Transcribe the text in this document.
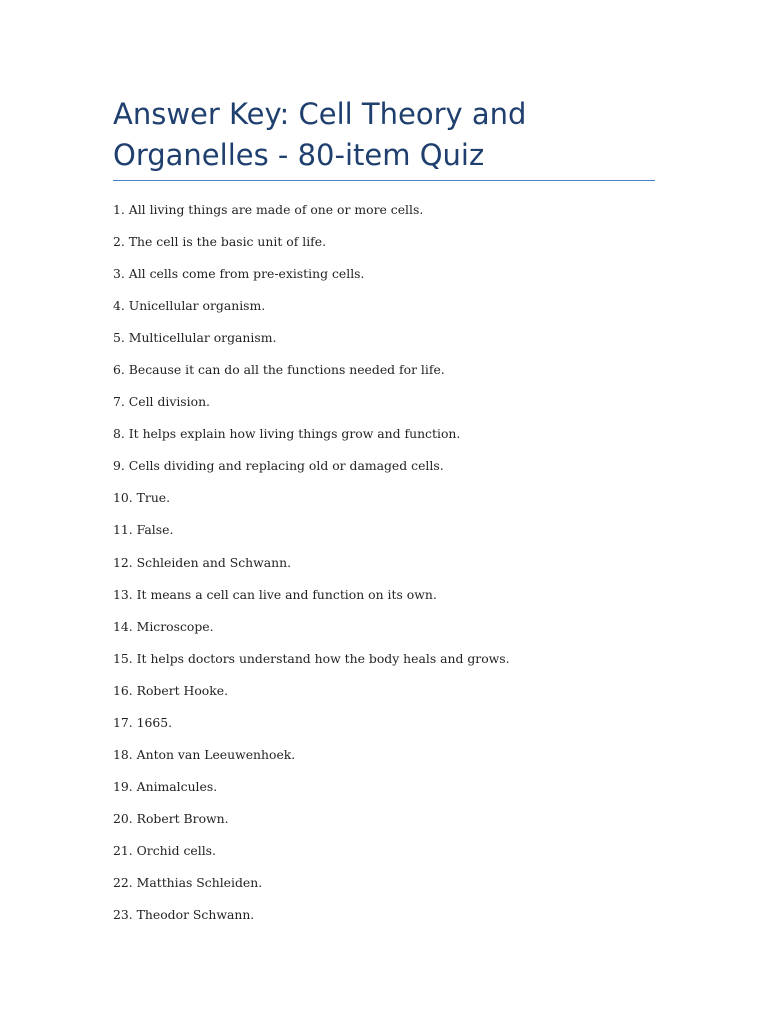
Answer Key: Cell Theory and Organelles - 80-item Quiz
1. All living things are made of one or more cells.
2. The cell is the basic unit of life.
3. All cells come from pre-existing cells.
4. Unicellular organism.
5. Multicellular organism.
6. Because it can do all the functions needed for life.
7. Cell division.
8. It helps explain how living things grow and function.
9. Cells dividing and replacing old or damaged cells.
10. True.
11. False.
12. Schleiden and Schwann.
13. It means a cell can live and function on its own.
14. Microscope.
15. It helps doctors understand how the body heals and grows.
16. Robert Hooke.
17. 1665.
18. Anton van Leeuwenhoek.
19. Animalcules.
20. Robert Brown.
21. Orchid cells.
22. Matthias Schleiden.
23. Theodor Schwann.
